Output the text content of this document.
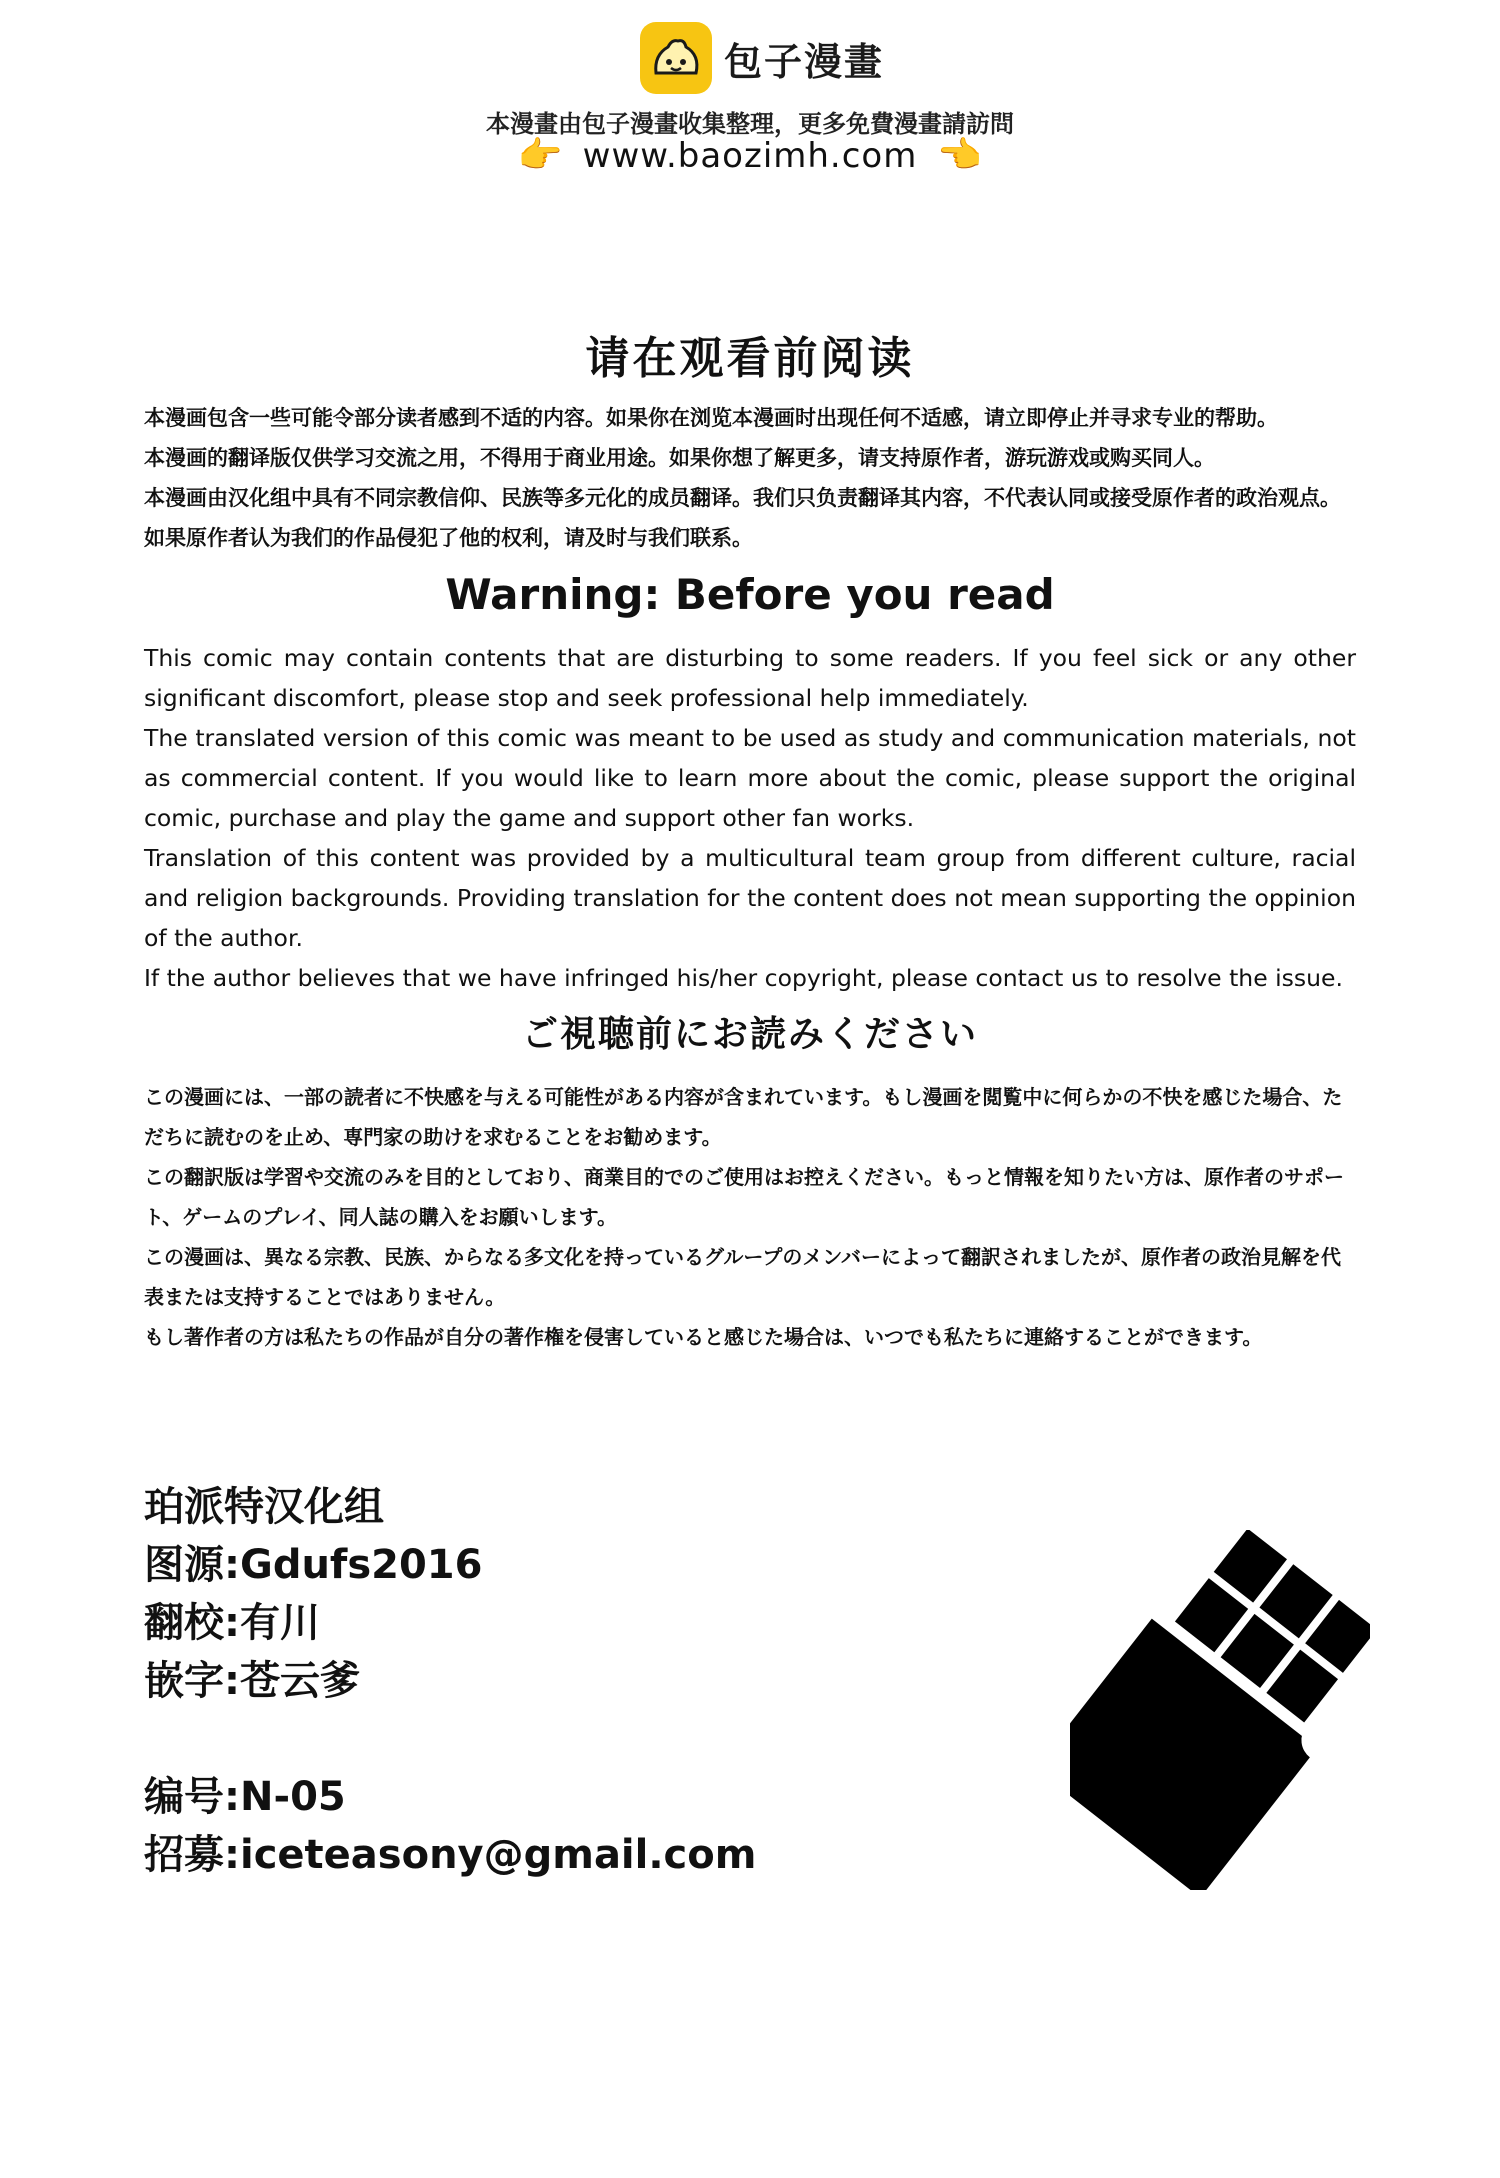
包子漫畫
本漫畫由包子漫畫收集整理，更多免費漫畫請訪問
👉 www.baozimh.com 👈
请在观看前阅读

本漫画包含一些可能令部分读者感到不适的内容。如果你在浏览本漫画时出现任何不适感，请立即停止并寻求专业的帮助。

本漫画的翻译版仅供学习交流之用，不得用于商业用途。如果你想了解更多，请支持原作者，游玩游戏或购买同人。

本漫画由汉化组中具有不同宗教信仰、民族等多元化的成员翻译。我们只负责翻译其内容，不代表认同或接受原作者的政治观点。

如果原作者认为我们的作品侵犯了他的权利，请及时与我们联系。

Warning: Before you read

This comic may contain contents that are disturbing to some readers. If you feel sick or any other significant discomfort, please stop and seek professional help immediately.

The translated version of this comic was meant to be used as study and communication materials, not as commercial content. If you would like to learn more about the comic, please support the original comic, purchase and play the game and support other fan works.

Translation of this content was provided by a multicultural team group from different culture, racial and religion backgrounds. Providing translation for the content does not mean supporting the oppinion of the author.

If the author believes that we have infringed his/her copyright, please contact us to resolve the issue.

ご視聴前にお読みください

この漫画には、一部の読者に不快感を与える可能性がある内容が含まれています。もし漫画を閲覧中に何らかの不快を感じた場合、ただちに読むのを止め、専門家の助けを求むることをお勧めます。

この翻訳版は学習や交流のみを目的としており、商業目的でのご使用はお控えください。もっと情報を知りたい方は、原作者のサポート、ゲームのプレイ、同人誌の購入をお願いします。

この漫画は、異なる宗教、民族、からなる多文化を持っているグループのメンバーによって翻訳されましたが、原作者の政治見解を代表または支持することではありません。

もし著作者の方は私たちの作品が自分の著作権を侵害していると感じた場合は、いつでも私たちに連絡することができます。

珀派特汉化组
图源:Gdufs2016
翻校:有川
嵌字:苍云爹
编号:N-05
招募:iceteasony@gmail.com
